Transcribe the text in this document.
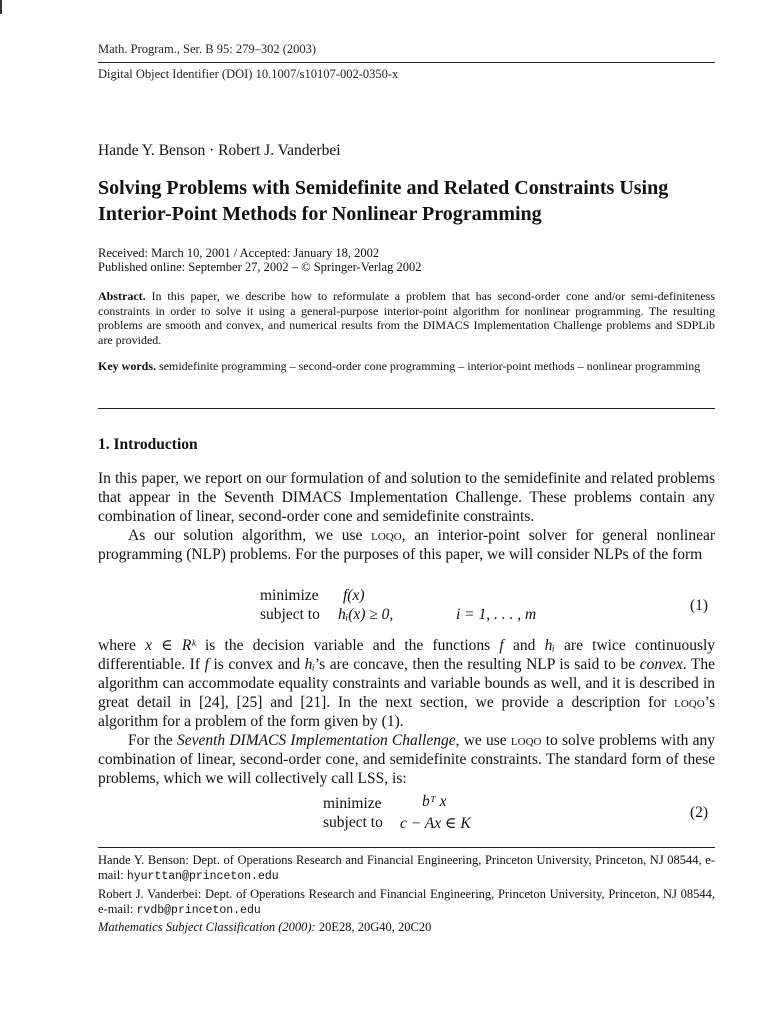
Math. Program., Ser. B 95: 279–302 (2003)
Digital Object Identifier (DOI) 10.1007/s10107-002-0350-x
Hande Y. Benson · Robert J. Vanderbei
Solving Problems with Semidefinite and Related Constraints Using Interior-Point Methods for Nonlinear Programming
Received: March 10, 2001 / Accepted: January 18, 2002
Published online: September 27, 2002 – © Springer-Verlag 2002
Abstract. In this paper, we describe how to reformulate a problem that has second-order cone and/or semi-definiteness constraints in order to solve it using a general-purpose interior-point algorithm for nonlinear programming. The resulting problems are smooth and convex, and numerical results from the DIMACS Implementation Challenge problems and SDPLib are provided.
Key words. semidefinite programming – second-order cone programming – interior-point methods – nonlinear programming
1. Introduction
In this paper, we report on our formulation of and solution to the semidefinite and related problems that appear in the Seventh DIMACS Implementation Challenge. These problems contain any combination of linear, second-order cone and semidefinite constraints.
As our solution algorithm, we use loqo, an interior-point solver for general nonlinear programming (NLP) problems. For the purposes of this paper, we will consider NLPs of the form
minimize f(x)
subject to hᵢ(x) ≥ 0,	i = 1, . . . , m
(1)
where x ∈ Rᵏ is the decision variable and the functions f and hᵢ are twice continuously differentiable. If f is convex and hᵢ’s are concave, then the resulting NLP is said to be convex. The algorithm can accommodate equality constraints and variable bounds as well, and it is described in great detail in [24], [25] and [21]. In the next section, we provide a description for loqo’s algorithm for a problem of the form given by (1).
For the Seventh DIMACS Implementation Challenge, we use loqo to solve problems with any combination of linear, second-order cone, and semidefinite constraints. The standard form of these problems, which we will collectively call LSS, is:
minimize	bᵀ x
subject to c − Ax ∈ K
(2)
Hande Y. Benson: Dept. of Operations Research and Financial Engineering, Princeton University, Princeton, NJ 08544, e-mail: hyurttan@princeton.edu
Robert J. Vanderbei: Dept. of Operations Research and Financial Engineering, Princeton University, Princeton, NJ 08544, e-mail: rvdb@princeton.edu
Mathematics Subject Classification (2000): 20E28, 20G40, 20C20
